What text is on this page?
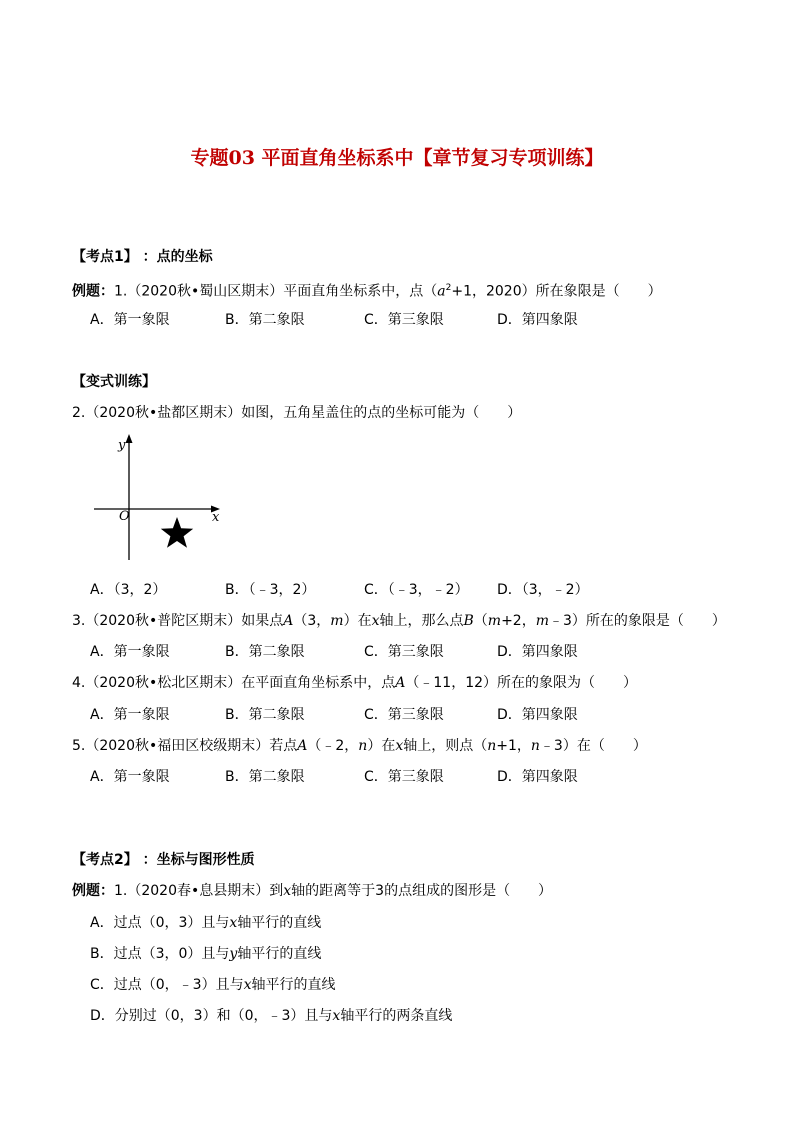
专题03 平面直角坐标系中【章节复习专项训练】
【考点1】 ：点的坐标
例题：1.（2020秋•蜀山区期末）平面直角坐标系中，点（$a^2+1$，2020）所在象限是（　　）
A．第一象限	B．第二象限	C．第三象限	D．第四象限
【变式训练】
2.（2020秋•盐都区期末）如图，五角星盖住的点的坐标可能为（　　）
y
x
O
A．（3，2）	B．（﹣3，2）	C．（﹣3，﹣2） D．（3，﹣2）
3.（2020秋•普陀区期末）如果点A（3，m）在x轴上，那么点B（m+2，m﹣3）所在的象限是（　　）
A．第一象限	B．第二象限	C．第三象限	D．第四象限
4.（2020秋•松北区期末）在平面直角坐标系中，点A（﹣11，12）所在的象限为（　　）
A．第一象限	B．第二象限	C．第三象限	D．第四象限
5.（2020秋•福田区校级期末）若点A（﹣2，n）在x轴上，则点（n+1，n﹣3）在（　　）
A．第一象限	B．第二象限	C．第三象限	D．第四象限
【考点2】 ：坐标与图形性质
例题：1.（2020春•息县期末）到x轴的距离等于3的点组成的图形是（　　）
A．过点（0，3）且与x轴平行的直线
B．过点（3，0）且与y轴平行的直线
C．过点（0，﹣3）且与x轴平行的直线
D．分别过（0，3）和（0，﹣3）且与x轴平行的两条直线
